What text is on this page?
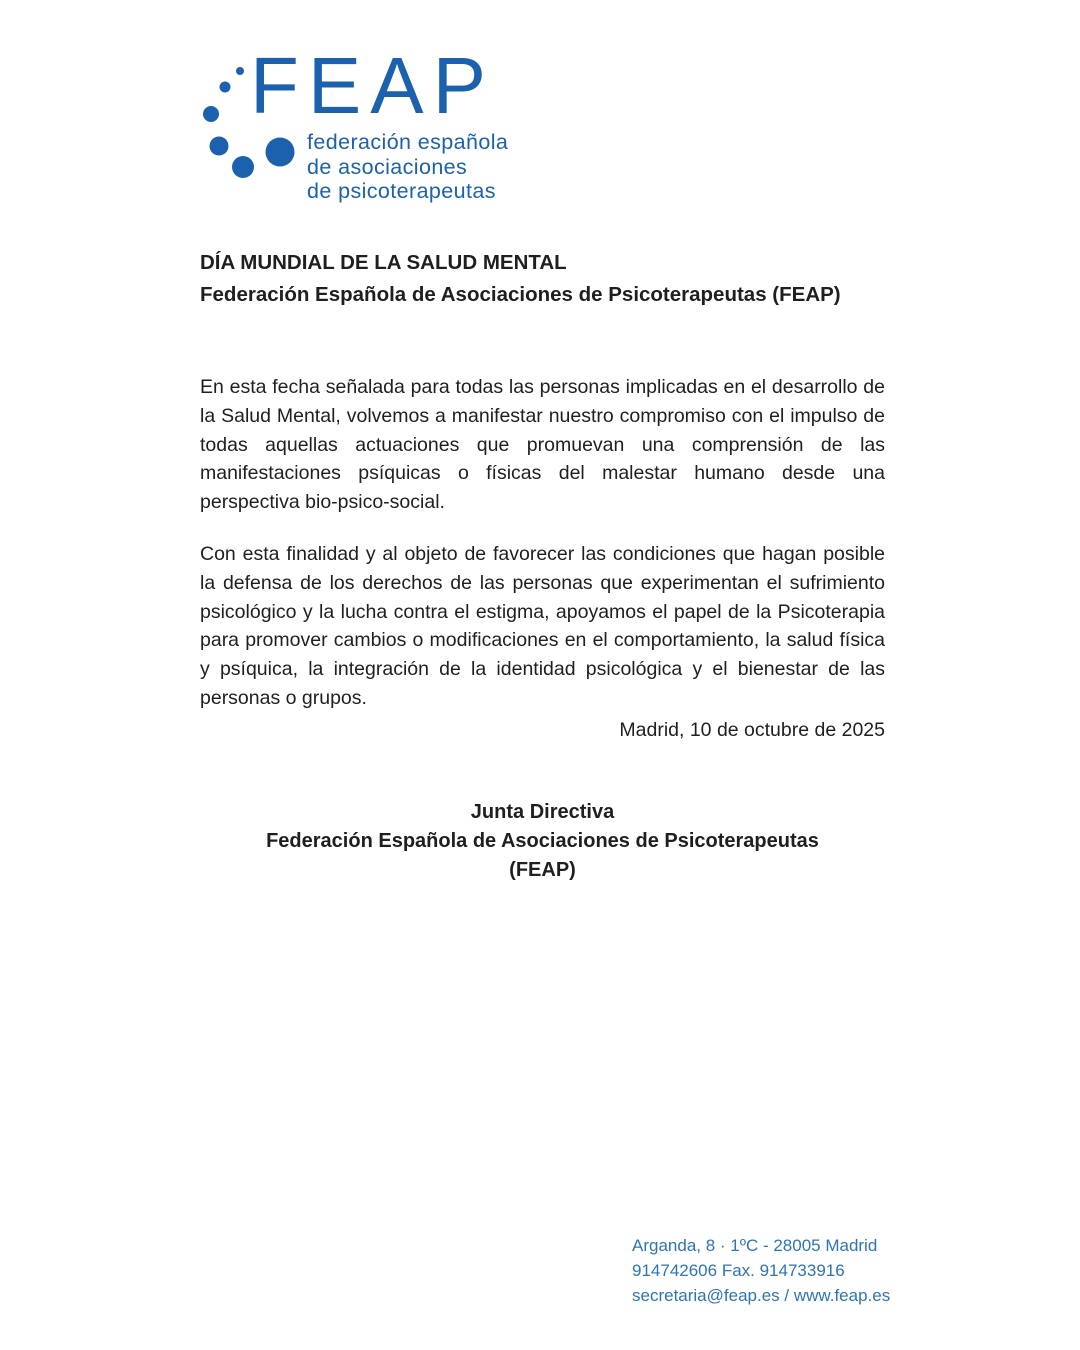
FEAP
federación española
de asociaciones
de psicoterapeutas
DÍA MUNDIAL DE LA SALUD MENTAL
Federación Española de Asociaciones de Psicoterapeutas (FEAP)

En esta fecha señalada para todas las personas implicadas en el desarrollo de la Salud Mental, volvemos a manifestar nuestro compromiso con el impulso de todas aquellas actuaciones que promuevan una comprensión de las manifestaciones psíquicas o físicas del malestar humano desde una perspectiva bio-psico-social.

Con esta finalidad y al objeto de favorecer las condiciones que hagan posible la defensa de los derechos de las personas que experimentan el sufrimiento psicológico y la lucha contra el estigma, apoyamos el papel de la Psicoterapia para promover cambios o modificaciones en el comportamiento, la salud física y psíquica, la integración de la identidad psicológica y el bienestar de las personas o grupos.

Madrid, 10 de octubre de 2025
Junta Directiva
Federación Española de Asociaciones de Psicoterapeutas
(FEAP)
Arganda, 8 · 1ºC - 28005 Madrid
914742606 Fax. 914733916
secretaria@feap.es / www.feap.es
